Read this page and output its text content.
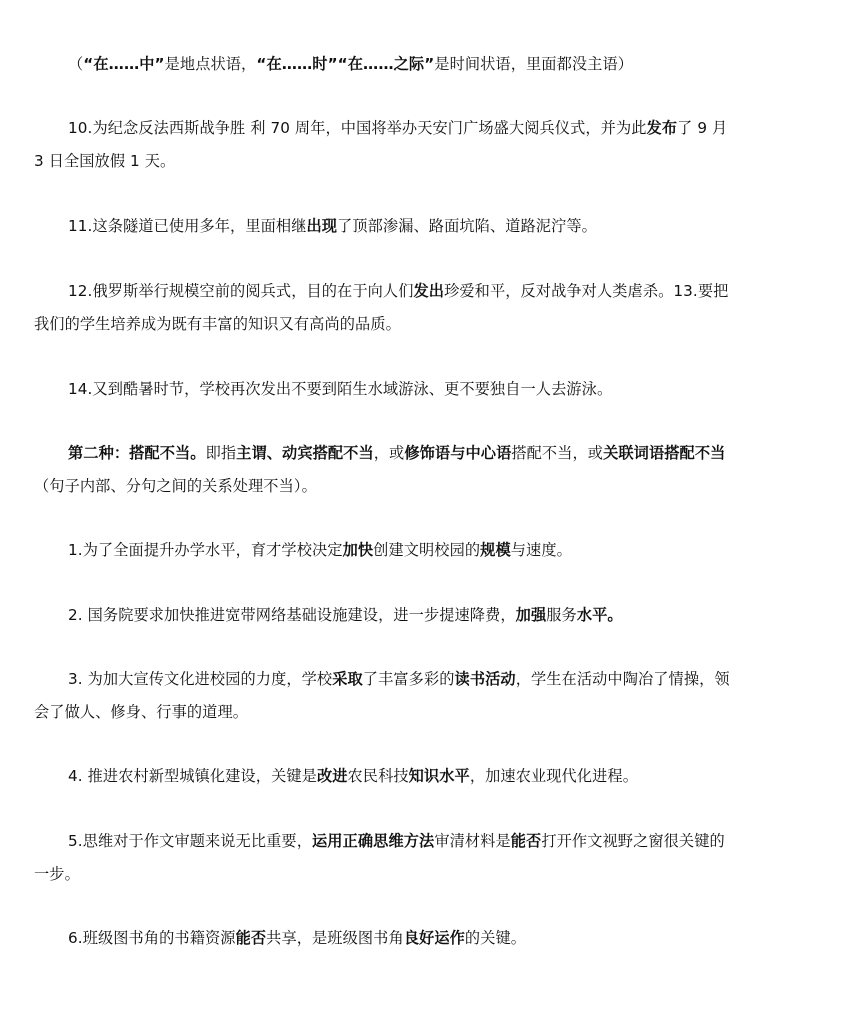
（“在……中”是地点状语，“在……时”“在……之际”是时间状语，里面都没主语）

10.为纪念反法西斯战争胜 利 70 周年，中国将举办天安门广场盛大阅兵仪式，并为此发布了 9 月 3 日全国放假 1 天。

11.这条隧道已使用多年，里面相继出现了顶部渗漏、路面坑陷、道路泥泞等。

12.俄罗斯举行规模空前的阅兵式，目的在于向人们发出珍爱和平，反对战争对人类虐杀。13.要把我们的学生培养成为既有丰富的知识又有高尚的品质。

14.又到酷暑时节，学校再次发出不要到陌生水域游泳、更不要独自一人去游泳。

第二种：搭配不当。即指主谓、动宾搭配不当，或修饰语与中心语搭配不当，或关联词语搭配不当（句子内部、分句之间的关系处理不当）。

1.为了全面提升办学水平，育才学校决定加快创建文明校园的规模与速度。

2. 国务院要求加快推进宽带网络基础设施建设，进一步提速降费，加强服务水平。

3. 为加大宣传文化进校园的力度，学校采取了丰富多彩的读书活动，学生在活动中陶冶了情操，领会了做人、修身、行事的道理。

4. 推进农村新型城镇化建设，关键是改进农民科技知识水平，加速农业现代化进程。

5.思维对于作文审题来说无比重要，运用正确思维方法审清材料是能否打开作文视野之窗很关键的一步。

6.班级图书角的书籍资源能否共享，是班级图书角良好运作的关键。
